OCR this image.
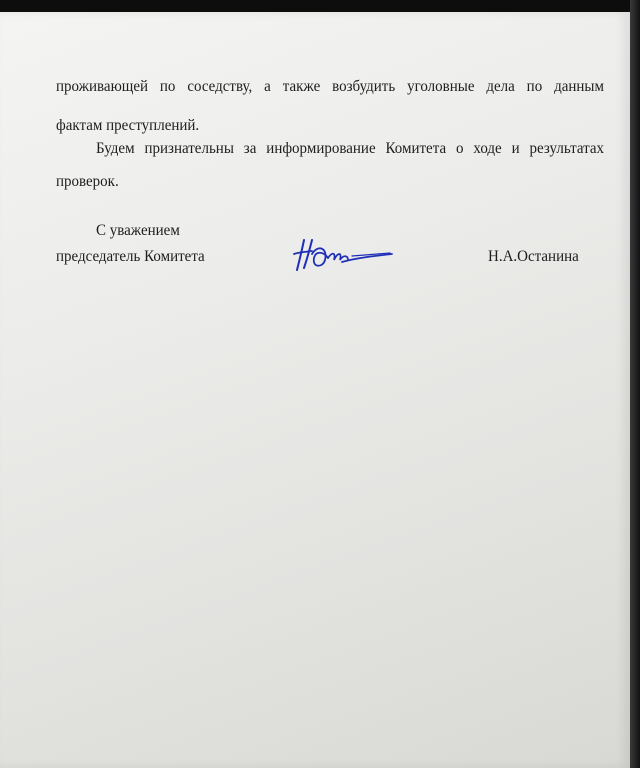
проживающей по соседству, а также возбудить уголовные дела по данным
фактам преступлений.
Будем признательны за информирование Комитета о ходе и результатах
проверок.
С уважением
председатель Комитета	Н.А.Останина
